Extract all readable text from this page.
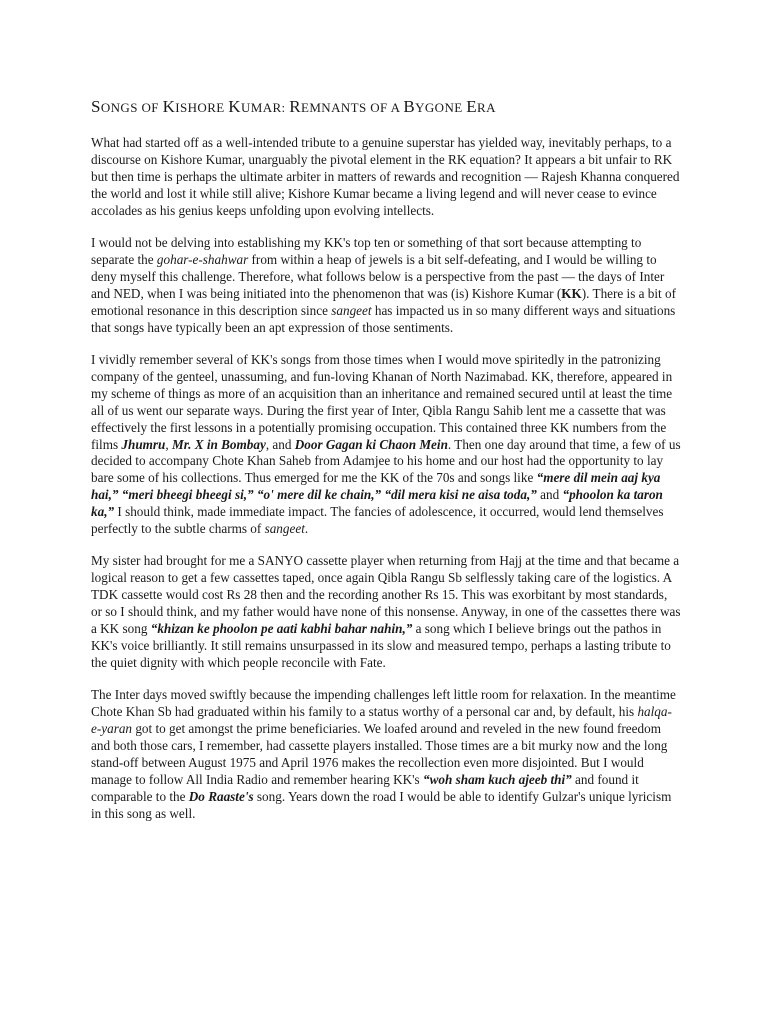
SONGS OF KISHORE KUMAR: REMNANTS OF A BYGONE ERA

What had started off as a well-intended tribute to a genuine superstar has yielded way, inevitably perhaps, to a discourse on Kishore Kumar, unarguably the pivotal element in the RK equation? It appears a bit unfair to RK but then time is perhaps the ultimate arbiter in matters of rewards and recognition — Rajesh Khanna conquered the world and lost it while still alive; Kishore Kumar became a living legend and will never cease to evince accolades as his genius keeps unfolding upon evolving intellects.

I would not be delving into establishing my KK's top ten or something of that sort because attempting to separate the gohar-e-shahwar from within a heap of jewels is a bit self-defeating, and I would be willing to deny myself this challenge. Therefore, what follows below is a perspective from the past — the days of Inter and NED, when I was being initiated into the phenomenon that was (is) Kishore Kumar (KK). There is a bit of emotional resonance in this description since sangeet has impacted us in so many different ways and situations that songs have typically been an apt expression of those sentiments.

I vividly remember several of KK's songs from those times when I would move spiritedly in the patronizing company of the genteel, unassuming, and fun-loving Khanan of North Nazimabad. KK, therefore, appeared in my scheme of things as more of an acquisition than an inheritance and remained secured until at least the time all of us went our separate ways. During the first year of Inter, Qibla Rangu Sahib lent me a cassette that was effectively the first lessons in a potentially promising occupation. This contained three KK numbers from the films Jhumru, Mr. X in Bombay, and Door Gagan ki Chaon Mein. Then one day around that time, a few of us decided to accompany Chote Khan Saheb from Adamjee to his home and our host had the opportunity to lay bare some of his collections. Thus emerged for me the KK of the 70s and songs like “mere dil mein aaj kya hai,” “meri bheegi bheegi si,” “o' mere dil ke chain,” “dil mera kisi ne aisa toda,” and “phoolon ka taron ka,” I should think, made immediate impact. The fancies of adolescence, it occurred, would lend themselves perfectly to the subtle charms of sangeet.

My sister had brought for me a SANYO cassette player when returning from Hajj at the time and that became a logical reason to get a few cassettes taped, once again Qibla Rangu Sb selflessly taking care of the logistics. A TDK cassette would cost Rs 28 then and the recording another Rs 15. This was exorbitant by most standards, or so I should think, and my father would have none of this nonsense. Anyway, in one of the cassettes there was a KK song “khizan ke phoolon pe aati kabhi bahar nahin,” a song which I believe brings out the pathos in KK's voice brilliantly. It still remains unsurpassed in its slow and measured tempo, perhaps a lasting tribute to the quiet dignity with which people reconcile with Fate.

The Inter days moved swiftly because the impending challenges left little room for relaxation. In the meantime Chote Khan Sb had graduated within his family to a status worthy of a personal car and, by default, his halqa-e-yaran got to get amongst the prime beneficiaries. We loafed around and reveled in the new found freedom and both those cars, I remember, had cassette players installed. Those times are a bit murky now and the long stand-off between August 1975 and April 1976 makes the recollection even more disjointed. But I would manage to follow All India Radio and remember hearing KK's “woh sham kuch ajeeb thi” and found it comparable to the Do Raaste's song. Years down the road I would be able to identify Gulzar's unique lyricism in this song as well.
